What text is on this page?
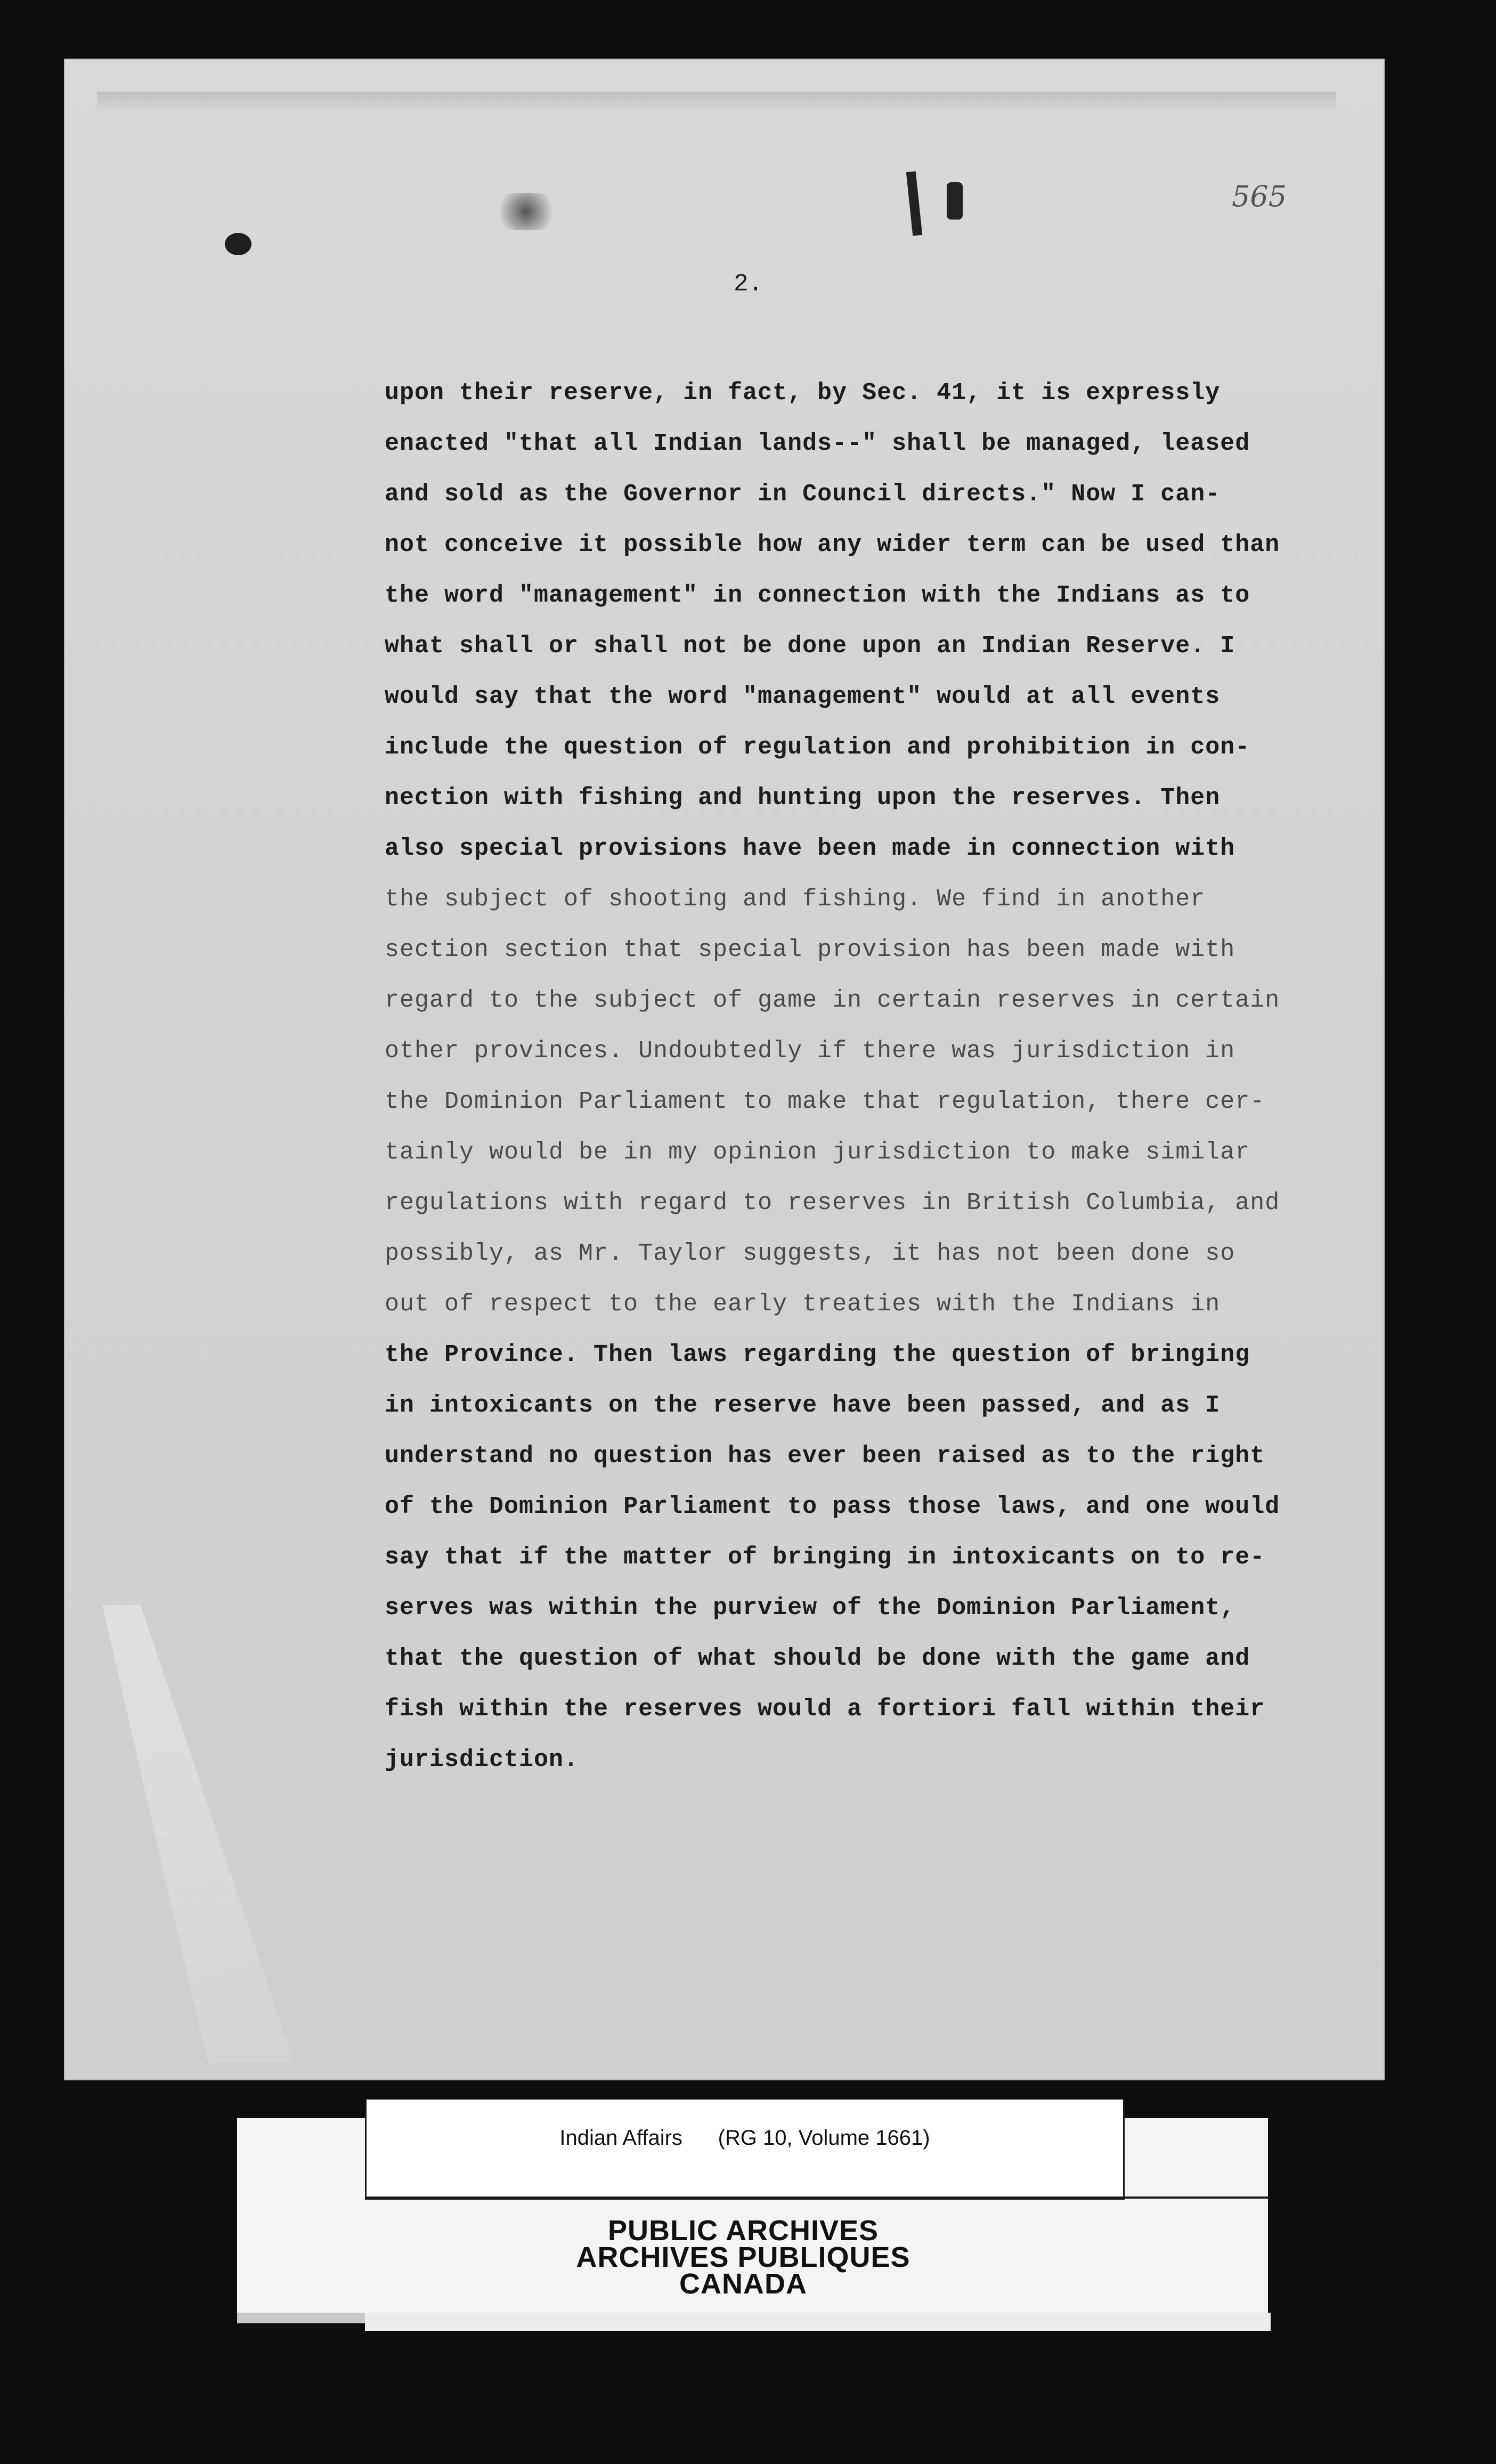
565
2.
upon their reserve, in fact, by Sec. 41, it is expressly
enacted "that all Indian lands--" shall be managed, leased
and sold as the Governor in Council directs." Now I can-
not conceive it possible how any wider term can be used than
the word "management" in connection with the Indians as to
what shall or shall not be done upon an Indian Reserve. I
would say that the word "management" would at all events
include the question of regulation and prohibition in con-
nection with fishing and hunting upon the reserves. Then
also special provisions have been made in connection with
the subject of shooting and fishing. We find in another
section section that special provision has been made with
regard to the subject of game in certain reserves in certain
other provinces. Undoubtedly if there was jurisdiction in
the Dominion Parliament to make that regulation, there cer-
tainly would be in my opinion jurisdiction to make similar
regulations with regard to reserves in British Columbia, and
possibly, as Mr. Taylor suggests, it has not been done so
out of respect to the early treaties with the Indians in
the Province. Then laws regarding the question of bringing
in intoxicants on the reserve have been passed, and as I
understand no question has ever been raised as to the right
of the Dominion Parliament to pass those laws, and one would
say that if the matter of bringing in intoxicants on to re-
serves was within the purview of the Dominion Parliament,
that the question of what should be done with the game and
fish within the reserves would a fortiori fall within their
jurisdiction.
Indian Affairs      (RG 10, Volume 1661)
PUBLIC ARCHIVES
ARCHIVES PUBLIQUES
CANADA
